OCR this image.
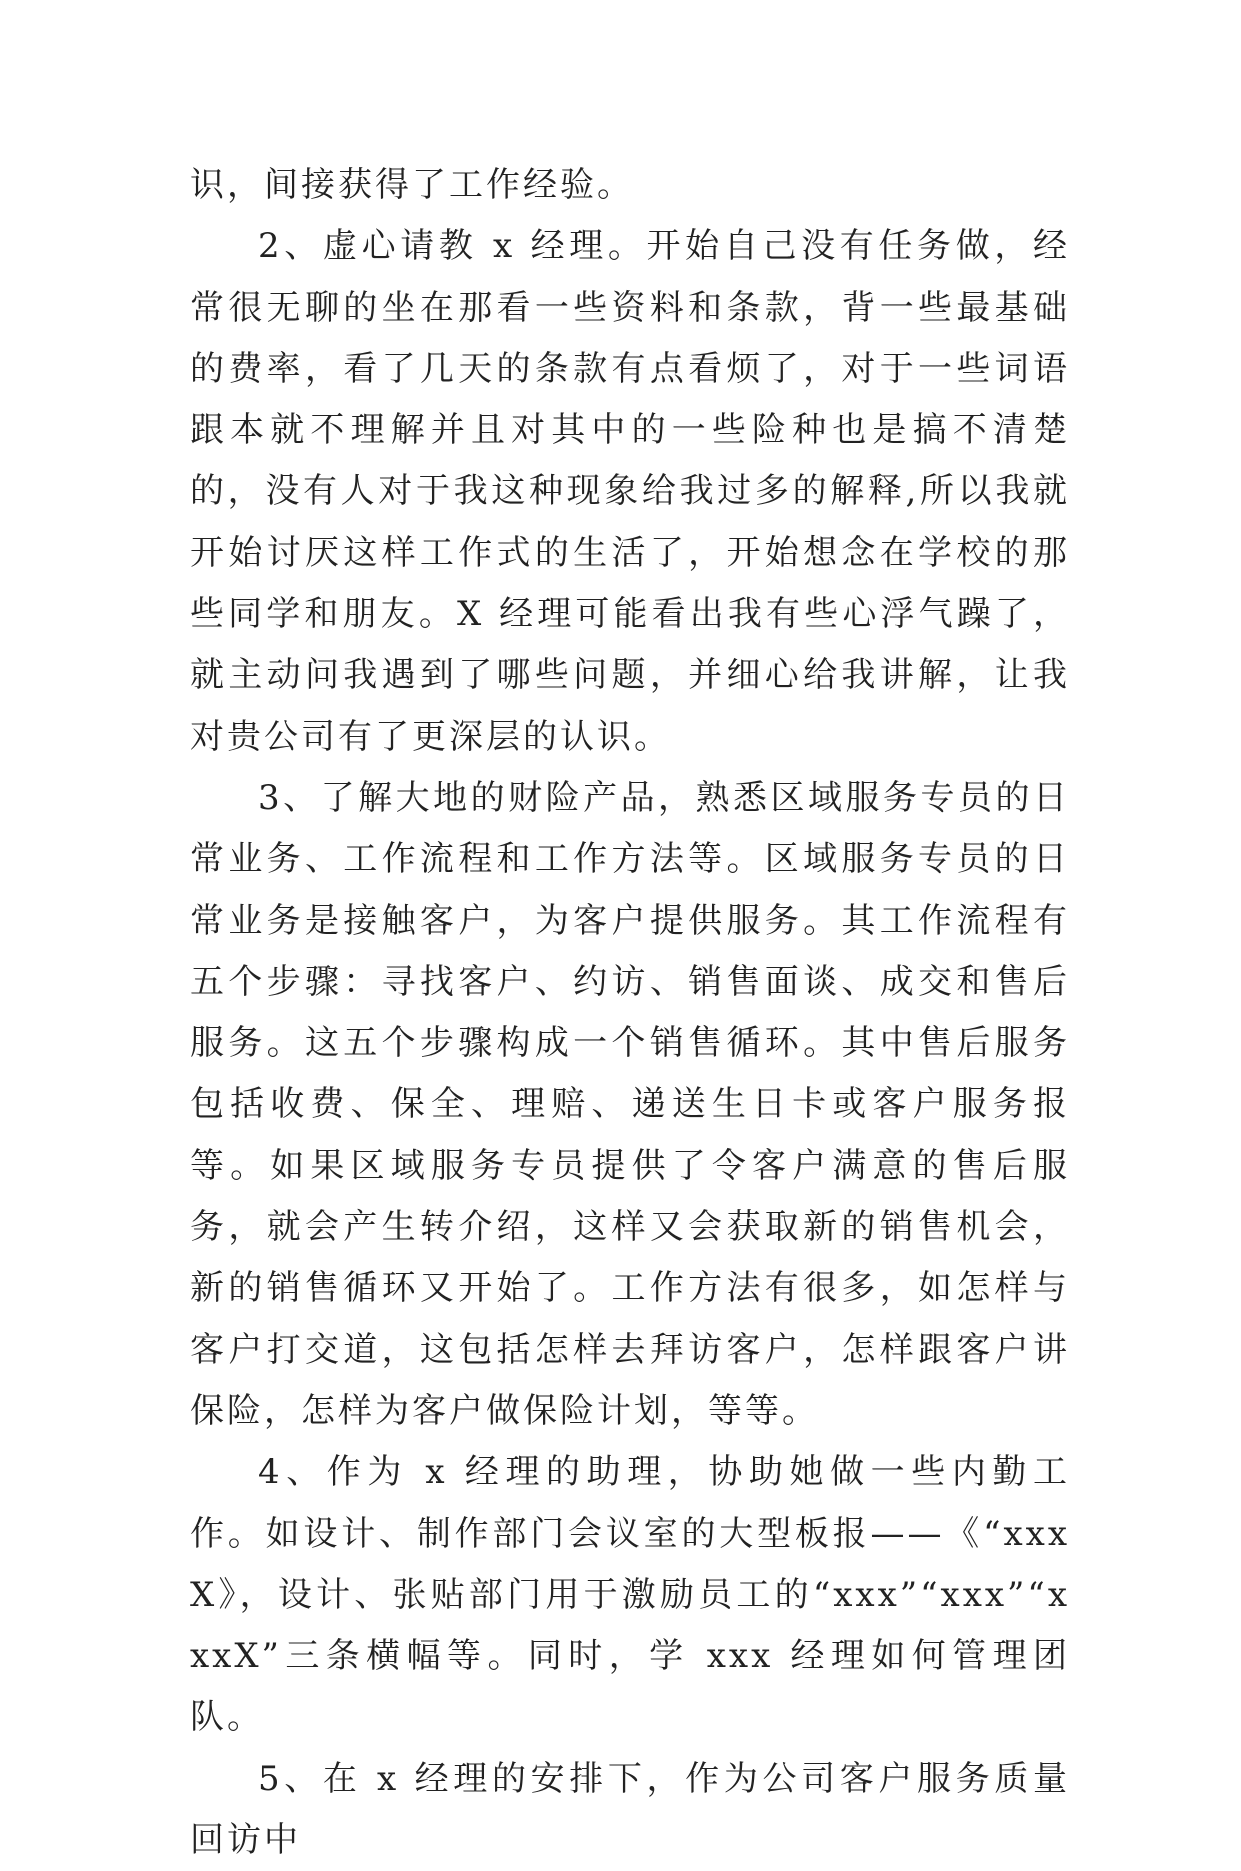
识，间接获得了工作经验。

2、虚心请教 x 经理。开始自己没有任务做，经常很无聊的坐在那看一些资料和条款，背一些最基础的费率，看了几天的条款有点看烦了，对于一些词语跟本就不理解并且对其中的一些险种也是搞不清楚的，没有人对于我这种现象给我过多的解释,所以我就开始讨厌这样工作式的生活了，开始想念在学校的那些同学和朋友。X 经理可能看出我有些心浮气躁了，就主动问我遇到了哪些问题，并细心给我讲解，让我对贵公司有了更深层的认识。

3、了解大地的财险产品，熟悉区域服务专员的日常业务、工作流程和工作方法等。区域服务专员的日常业务是接触客户，为客户提供服务。其工作流程有五个步骤：寻找客户、约访、销售面谈、成交和售后服务。这五个步骤构成一个销售循环。其中售后服务包括收费、保全、理赔、递送生日卡或客户服务报等。如果区域服务专员提供了令客户满意的售后服务，就会产生转介绍，这样又会获取新的销售机会，新的销售循环又开始了。工作方法有很多，如怎样与客户打交道，这包括怎样去拜访客户，怎样跟客户讲保险，怎样为客户做保险计划，等等。

4、作为 x 经理的助理，协助她做一些内勤工作。如设计、制作部门会议室的大型板报——《“xxxX》，设计、张贴部门用于激励员工的“xxx”“xxx”“xxxX”三条横幅等。同时，学 xxx 经理如何管理团队。

5、在 x 经理的安排下，作为公司客户服务质量回访中
